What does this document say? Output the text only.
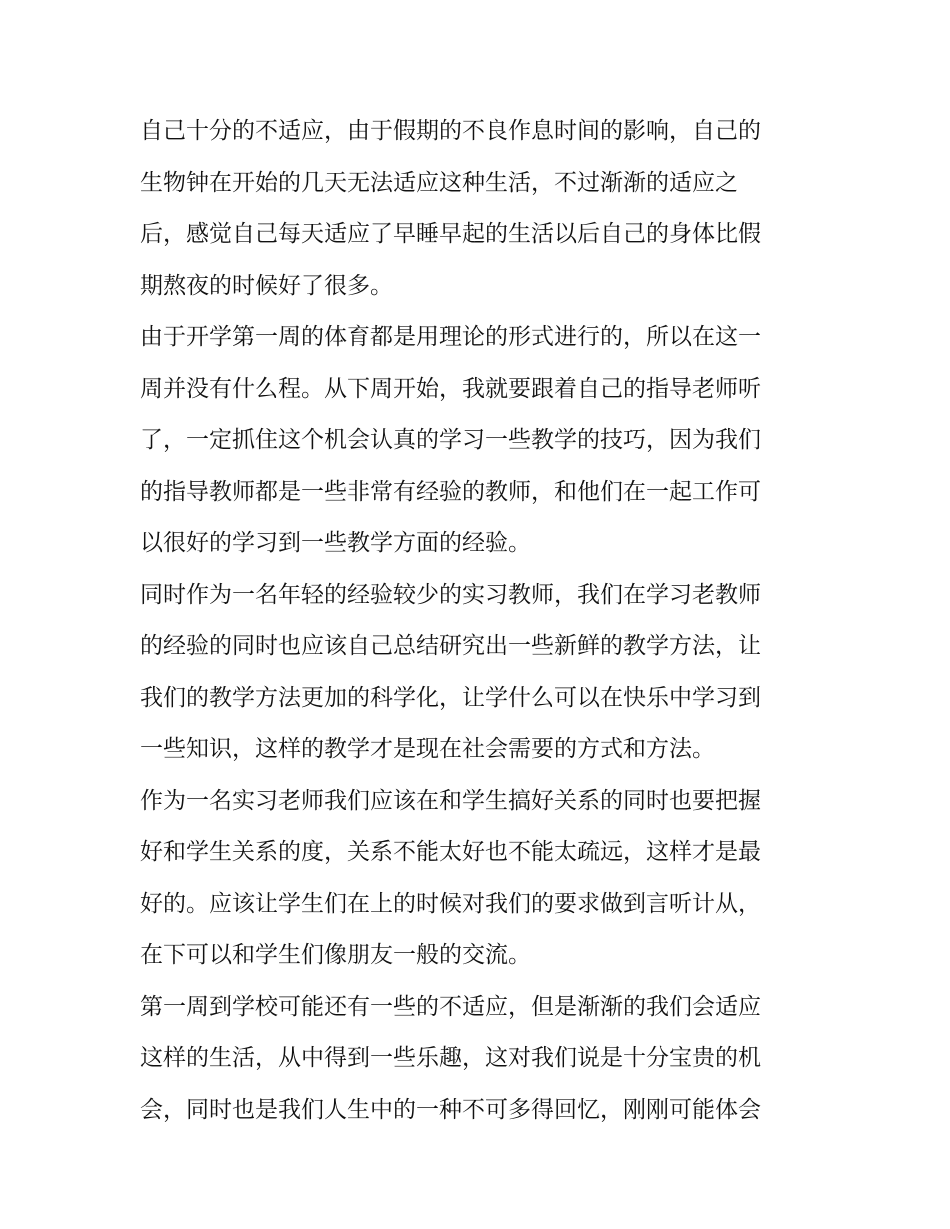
自己十分的不适应，由于假期的不良作息时间的影响，自己的
生物钟在开始的几天无法适应这种生活，不过渐渐的适应之
后，感觉自己每天适应了早睡早起的生活以后自己的身体比假
期熬夜的时候好了很多。
由于开学第一周的体育都是用理论的形式进行的，所以在这一
周并没有什么程。从下周开始，我就要跟着自己的指导老师听
了，一定抓住这个机会认真的学习一些教学的技巧，因为我们
的指导教师都是一些非常有经验的教师，和他们在一起工作可
以很好的学习到一些教学方面的经验。
同时作为一名年轻的经验较少的实习教师，我们在学习老教师
的经验的同时也应该自己总结研究出一些新鲜的教学方法，让
我们的教学方法更加的科学化，让学什么可以在快乐中学习到
一些知识，这样的教学才是现在社会需要的方式和方法。
作为一名实习老师我们应该在和学生搞好关系的同时也要把握
好和学生关系的度，关系不能太好也不能太疏远，这样才是最
好的。应该让学生们在上的时候对我们的要求做到言听计从，
在下可以和学生们像朋友一般的交流。
第一周到学校可能还有一些的不适应，但是渐渐的我们会适应
这样的生活，从中得到一些乐趣，这对我们说是十分宝贵的机
会，同时也是我们人生中的一种不可多得回忆，刚刚可能体会
